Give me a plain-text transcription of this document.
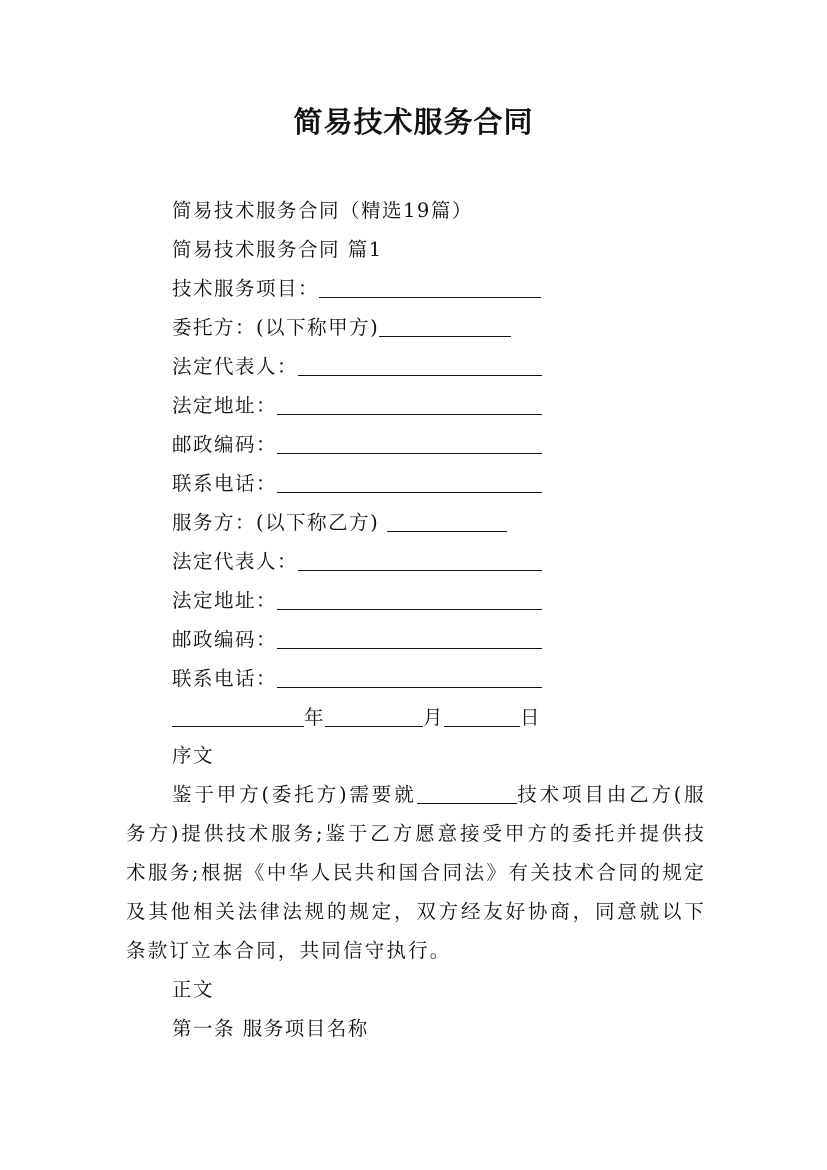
简易技术服务合同
简易技术服务合同（精选19篇）
简易技术服务合同 篇1
技术服务项目：
委托方：(以下称甲方)
法定代表人：
法定地址：
邮政编码：
联系电话：
服务方：(以下称乙方)
法定代表人：
法定地址：
邮政编码：
联系电话：
年	月	日
序文
鉴于甲方(委托方)需要就	技术项目由乙方(服务方)提供技术服务;鉴于乙方愿意接受甲方的委托并提供技术服务;根据《中华人民共和国合同法》有关技术合同的规定及其他相关法律法规的规定，双方经友好协商，同意就以下条款订立本合同，共同信守执行。
正文
第一条 服务项目名称
